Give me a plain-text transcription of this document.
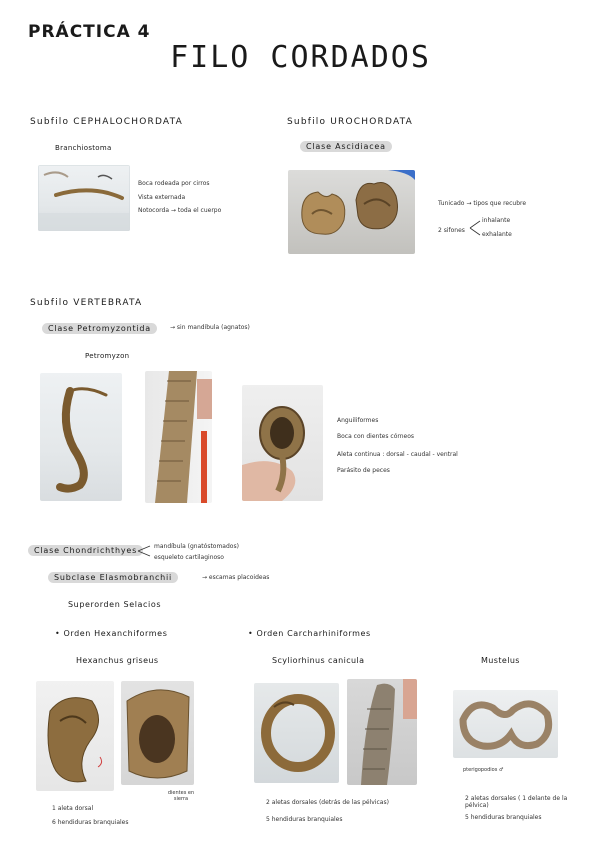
PRÁCTICA 4
FILO CORDADOS
Subfilo CEPHALOCHORDATA
Branchiostoma
Boca rodeada por cirros
Vista externada
Notocorda → toda el cuerpo
Subfilo UROCHORDATA
Clase Ascidiacea
Tunicado → tipos que recubre
2 sifones
inhalante
exhalante
Subfilo VERTEBRATA
Clase Petromyzontida	→ sin mandíbula (agnatos)
Petromyzon
Anguiliformes
Boca con dientes córneos
Aleta continua : dorsal - caudal - ventral
Parásito de peces
Clase Chondrichthyes	mandíbula (gnatóstomados)
esqueleto cartilaginoso
Subclase Elasmobranchii	→ escamas placoideas
Superorden Selacios
• Orden Hexanchiformes	• Orden Carcharhiniformes
Hexanchus griseus	Scyliorhinus canicula	Mustelus
dientes en sierra
pterigopodios ♂
1 aleta dorsal
6 hendiduras branquiales
2 aletas dorsales (detrás de las pélvicas)
5 hendiduras branquiales
2 aletas dorsales ( 1 delante de la pélvica)
5 hendiduras branquiales
